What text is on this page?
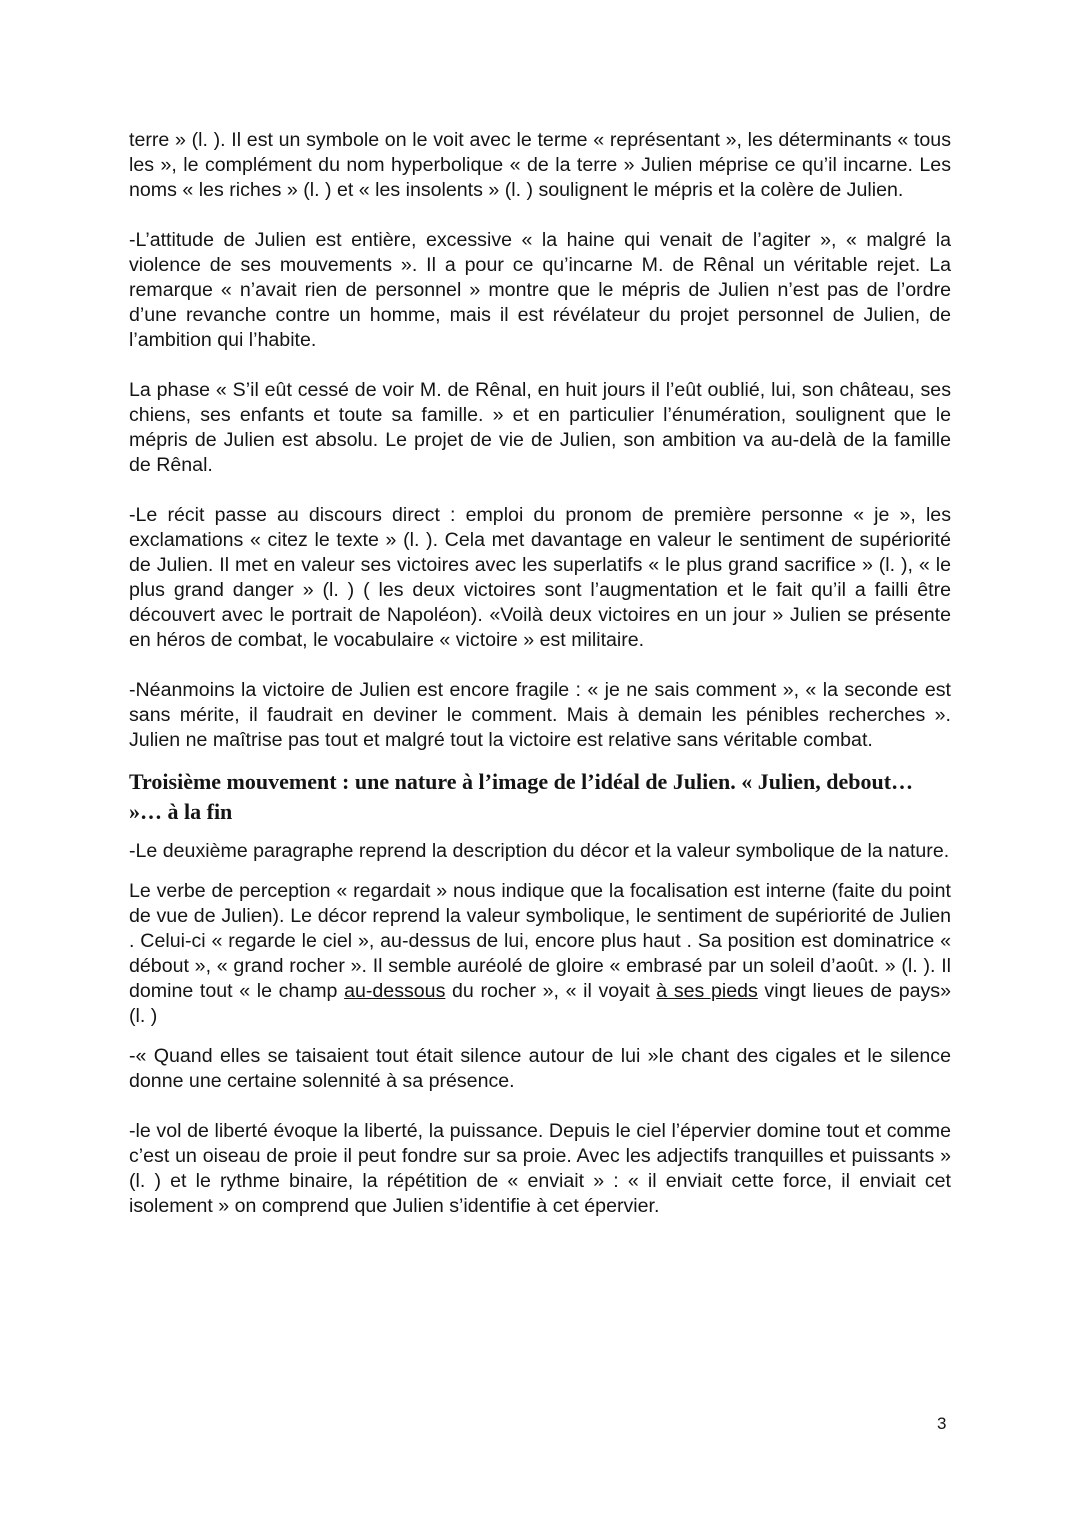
terre » (l. ). Il est un symbole on le voit avec le terme « représentant », les déterminants « tous les », le complément du nom hyperbolique « de la terre » Julien méprise ce qu’il incarne. Les noms « les riches » (l. ) et « les insolents » (l. ) soulignent le mépris et la colère de Julien.

-L’attitude de Julien est entière, excessive « la haine qui venait de l’agiter », « malgré la violence de ses mouvements ». Il a pour ce qu’incarne M. de Rênal un véritable rejet. La remarque « n’avait rien de personnel » montre que le mépris de Julien n’est pas de l’ordre d’une revanche contre un homme, mais il est révélateur du projet personnel de Julien, de l’ambition qui l’habite.

La phase « S’il eût cessé de voir M. de Rênal, en huit jours il l’eût oublié, lui, son château, ses chiens, ses enfants et toute sa famille. » et en particulier l’énumération, soulignent que le mépris de Julien est absolu. Le projet de vie de Julien, son ambition va au-delà de la famille de Rênal.

-Le récit passe au discours direct : emploi du pronom de première personne « je », les exclamations « citez le texte » (l. ). Cela met davantage en valeur le sentiment de supériorité de Julien. Il met en valeur ses victoires avec les superlatifs « le plus grand sacrifice » (l. ), « le plus grand danger » (l. ) ( les deux victoires sont l’augmentation et le fait qu’il a failli être découvert avec le portrait de Napoléon). «Voilà deux victoires en un jour » Julien se présente en héros de combat, le vocabulaire « victoire » est militaire.

-Néanmoins la victoire de Julien est encore fragile : « je ne sais comment », « la seconde est sans mérite, il faudrait en deviner le comment. Mais à demain les pénibles recherches ». Julien ne maîtrise pas tout et malgré tout la victoire est relative sans véritable combat.

Troisième mouvement : une nature à l’image de l’idéal de Julien. « Julien, debout… »… à la fin

-Le deuxième paragraphe reprend la description du décor et la valeur symbolique de la nature.

Le verbe de perception « regardait » nous indique que la focalisation est interne (faite du point de vue de Julien). Le décor reprend la valeur symbolique, le sentiment de supériorité de Julien . Celui-ci « regarde le ciel », au-dessus de lui, encore plus haut . Sa position est dominatrice « débout », « grand rocher ». Il semble auréolé de gloire « embrasé par un soleil d’août. » (l. ). Il domine tout « le champ au-dessous du rocher », « il voyait à ses pieds vingt lieues de pays» (l. )

-« Quand elles se taisaient tout était silence autour de lui »le chant des cigales et le silence donne une certaine solennité à sa présence.

-le vol de liberté évoque la liberté, la puissance. Depuis le ciel l’épervier domine tout et comme c’est un oiseau de proie il peut fondre sur sa proie. Avec les adjectifs tranquilles et puissants » (l. ) et le rythme binaire, la répétition de « enviait » : « il enviait cette force, il enviait cet isolement » on comprend que Julien s’identifie à cet épervier.

3
